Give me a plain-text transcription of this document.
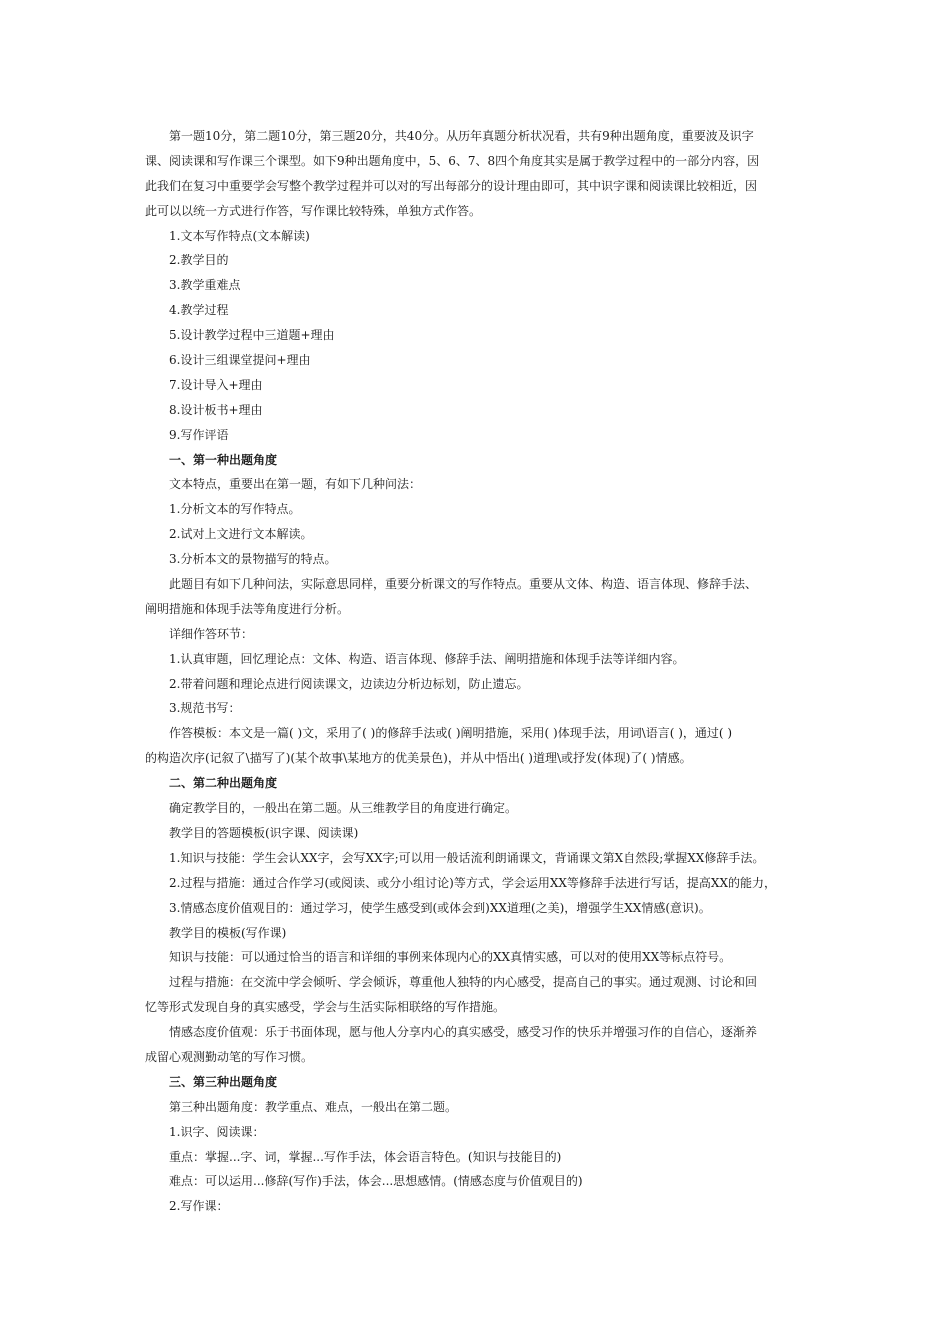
第一题10分，第二题10分，第三题20分，共40分。从历年真题分析状况看，共有9种出题角度，重要波及识字
课、阅读课和写作课三个课型。如下9种出题角度中，5、6、7、8四个角度其实是属于教学过程中的一部分内容，因
此我们在复习中重要学会写整个教学过程并可以对的写出每部分的设计理由即可，其中识字课和阅读课比较相近，因
此可以以统一方式进行作答，写作课比较特殊，单独方式作答。
1.文本写作特点(文本解读)
2.教学目的
3.教学重难点
4.教学过程
5.设计教学过程中三道题+理由
6.设计三组课堂提问+理由
7.设计导入+理由
8.设计板书+理由
9.写作评语
一、第一种出题角度
文本特点，重要出在第一题，有如下几种问法：
1.分析文本的写作特点。
2.试对上文进行文本解读。
3.分析本文的景物描写的特点。
此题目有如下几种问法，实际意思同样，重要分析课文的写作特点。重要从文体、构造、语言体现、修辞手法、
阐明措施和体现手法等角度进行分析。
详细作答环节：
1.认真审题，回忆理论点：文体、构造、语言体现、修辞手法、阐明措施和体现手法等详细内容。
2.带着问题和理论点进行阅读课文，边读边分析边标划，防止遗忘。
3.规范书写：
作答模板：本文是一篇( )文，采用了( )的修辞手法或( )阐明措施，采用( )体现手法，用词\语言( )，通过( )
的构造次序(记叙了\描写了)(某个故事\某地方的优美景色)，并从中悟出( )道理\或抒发(体现)了( )情感。
二、第二种出题角度
确定教学目的，一般出在第二题。从三维教学目的角度进行确定。
教学目的答题模板(识字课、阅读课)
1.知识与技能：学生会认XX字，会写XX字;可以用一般话流利朗诵课文，背诵课文第X自然段;掌握XX修辞手法。
2.过程与措施：通过合作学习(或阅读、或分小组讨论)等方式，学会运用XX等修辞手法进行写话，提高XX的能力，
3.情感态度价值观目的：通过学习，使学生感受到(或体会到)XX道理(之美)，增强学生XX情感(意识)。
教学目的模板(写作课)
知识与技能：可以通过恰当的语言和详细的事例来体现内心的XX真情实感，可以对的使用XX等标点符号。
过程与措施：在交流中学会倾听、学会倾诉，尊重他人独特的内心感受，提高自己的事实。通过观测、讨论和回
忆等形式发现自身的真实感受，学会与生活实际相联络的写作措施。
情感态度价值观：乐于书面体现，愿与他人分享内心的真实感受，感受习作的快乐并增强习作的自信心，逐渐养
成留心观测勤动笔的写作习惯。
三、第三种出题角度
第三种出题角度：教学重点、难点，一般出在第二题。
1.识字、阅读课：
重点：掌握...字、词，掌握...写作手法，体会语言特色。(知识与技能目的)
难点：可以运用...修辞(写作)手法，体会...思想感情。(情感态度与价值观目的)
2.写作课：
